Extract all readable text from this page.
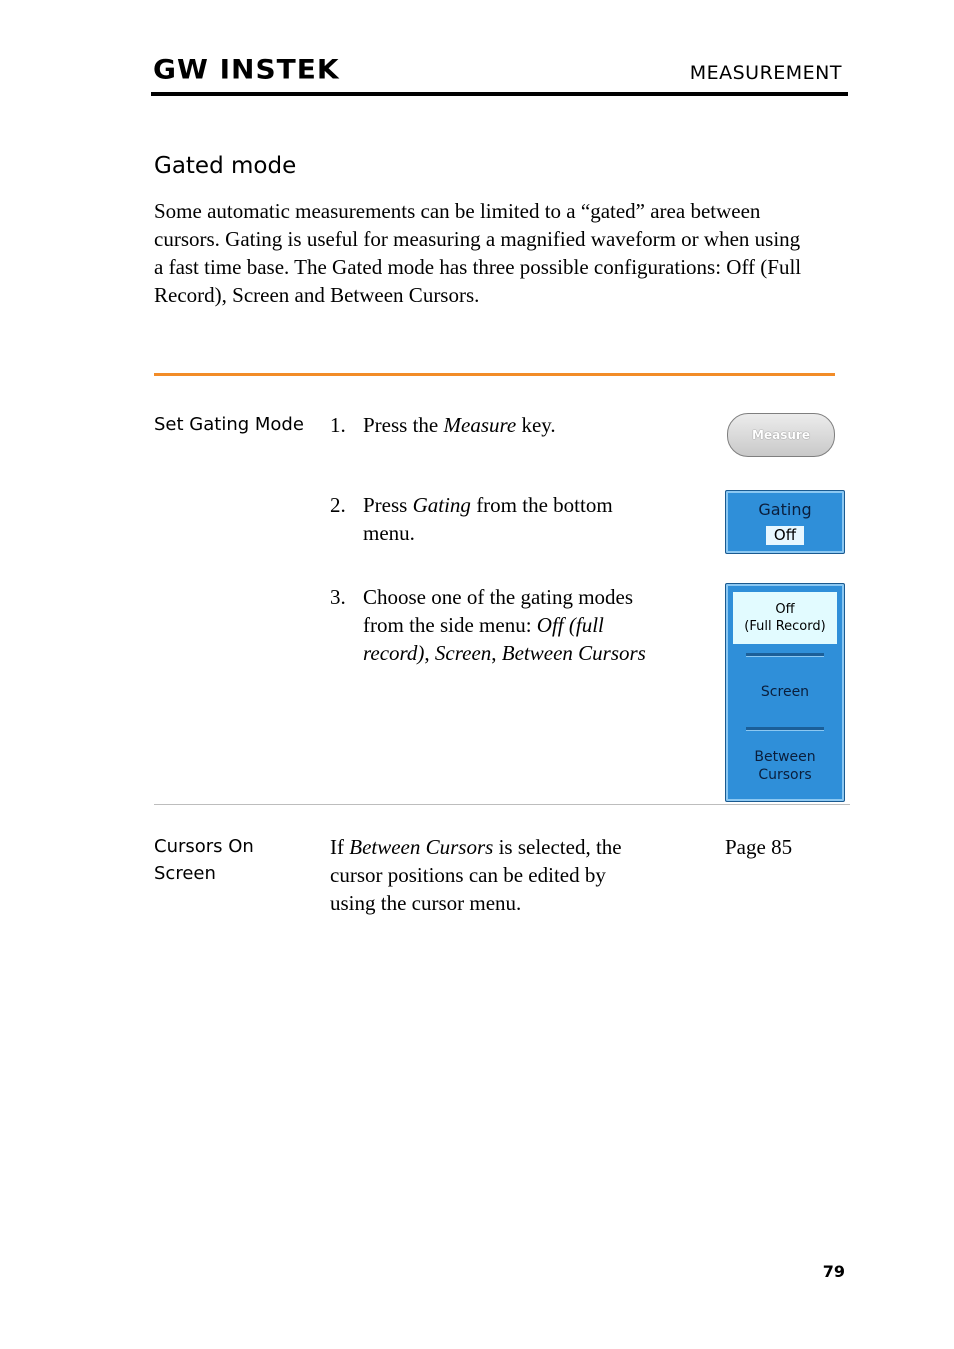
GW INSTEK	MEASUREMENT
Gated mode
Some automatic measurements can be limited to a “gated” area between cursors. Gating is useful for measuring a magnified waveform or when using a fast time base. The Gated mode has three possible configurations: Off (Full Record), Screen and Between Cursors.
Set Gating Mode 1. Press the Measure key.
2. Press Gating from the bottom
menu.
3. Choose one of the gating modes
from the side menu: Off (full
record), Screen, Between Cursors
Measure
Gating
Off
Off
(Full Record)
Screen
Between
Cursors
Cursors On
Screen
If Between Cursors is selected, the
cursor positions can be edited by
using the cursor menu.
Page 85
79
